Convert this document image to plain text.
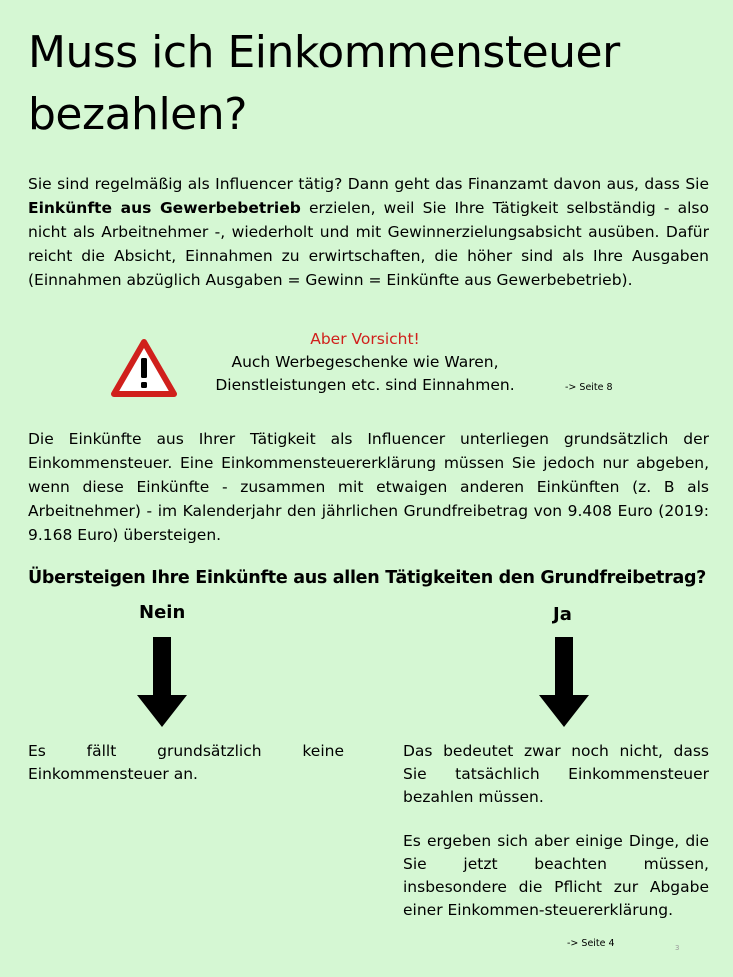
Muss ich Einkommensteuer bezahlen?

Sie sind regelmäßig als Influencer tätig? Dann geht das Finanzamt davon aus, dass Sie Einkünfte aus Gewerbebetrieb erzielen, weil Sie Ihre Tätigkeit selbständig - also nicht als Arbeitnehmer -, wiederholt und mit Gewinnerzielungsabsicht ausüben. Dafür reicht die Absicht, Einnahmen zu erwirtschaften, die höher sind als Ihre Ausgaben (Einnahmen abzüglich Ausgaben = Gewinn = Einkünfte aus Gewerbebetrieb).

Aber Vorsicht!
Auch Werbegeschenke wie Waren,
Dienstleistungen etc. sind Einnahmen.	-> Seite 8

Die Einkünfte aus Ihrer Tätigkeit als Influencer unterliegen grundsätzlich der Einkommensteuer. Eine Einkommensteuererklärung müssen Sie jedoch nur abgeben, wenn diese Einkünfte - zusammen mit etwaigen anderen Einkünften (z. B als Arbeitnehmer) - im Kalenderjahr den jährlichen Grundfreibetrag von 9.408 Euro (2019: 9.168 Euro) übersteigen.

Übersteigen Ihre Einkünfte aus allen Tätigkeiten den Grundfreibetrag?

Nein	Ja

Es fällt grundsätzlich keine Einkommensteuer an.

Das bedeutet zwar noch nicht, dass Sie tatsächlich Einkommensteuer bezahlen müssen.

Es ergeben sich aber einige Dinge, die Sie jetzt beachten müssen, insbesondere die Pflicht zur Abgabe einer Einkommen-steuererklärung.

-> Seite 4	3
